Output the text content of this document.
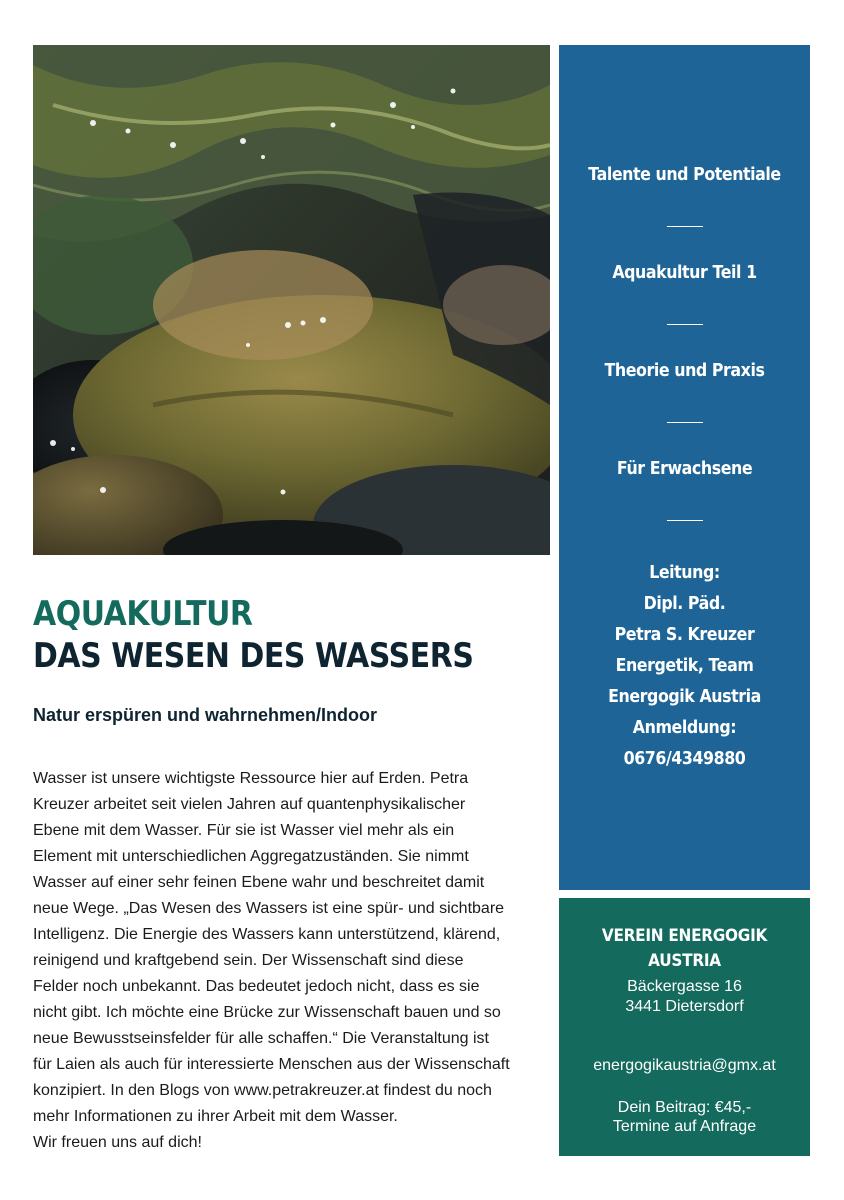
Talente und Potentiale
Aquakultur Teil 1
Theorie und Praxis
Für Erwachsene
Leitung:
Dipl. Päd.
Petra S. Kreuzer
Energetik, Team
Energogik Austria
Anmeldung:
0676/4349880
VEREIN ENERGOGIK
AUSTRIA
Bäckergasse 16
3441 Dietersdorf
energogikaustria@gmx.at
Dein Beitrag: €45,-
Termine auf Anfrage
AQUAKULTUR
DAS WESEN DES WASSERS
Natur erspüren und wahrnehmen/Indoor
Wasser ist unsere wichtigste Ressource hier auf Erden. Petra
Kreuzer arbeitet seit vielen Jahren auf quantenphysikalischer
Ebene mit dem Wasser. Für sie ist Wasser viel mehr als ein
Element mit unterschiedlichen Aggregatzuständen. Sie nimmt
Wasser auf einer sehr feinen Ebene wahr und beschreitet damit
neue Wege. „Das Wesen des Wassers ist eine spür- und sichtbare
Intelligenz. Die Energie des Wassers kann unterstützend, klärend,
reinigend und kraftgebend sein. Der Wissenschaft sind diese
Felder noch unbekannt. Das bedeutet jedoch nicht, dass es sie
nicht gibt. Ich möchte eine Brücke zur Wissenschaft bauen und so
neue Bewusstseinsfelder für alle schaffen.“ Die Veranstaltung ist
für Laien als auch für interessierte Menschen aus der Wissenschaft
konzipiert. In den Blogs von www.petrakreuzer.at findest du noch
mehr Informationen zu ihrer Arbeit mit dem Wasser.
Wir freuen uns auf dich!
